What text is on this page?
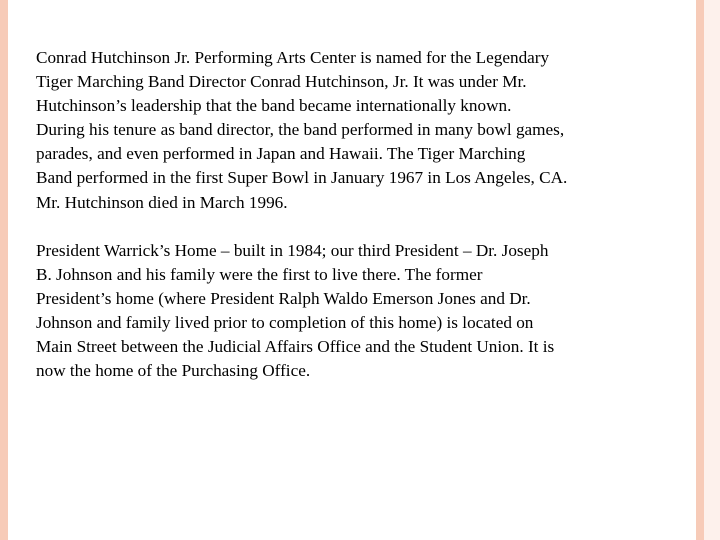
Conrad Hutchinson Jr. Performing Arts Center is named for the Legendary
Tiger Marching Band Director Conrad Hutchinson, Jr. It was under Mr.
Hutchinson’s leadership that the band became internationally known.
During his tenure as band director, the band performed in many bowl games,
parades, and even performed in Japan and Hawaii. The Tiger Marching
Band performed in the first Super Bowl in January 1967 in Los Angeles, CA.
Mr. Hutchinson died in March 1996.

President Warrick’s Home – built in 1984; our third President – Dr. Joseph
B. Johnson and his family were the first to live there. The former
President’s home (where President Ralph Waldo Emerson Jones and Dr.
Johnson and family lived prior to completion of this home) is located on
Main Street between the Judicial Affairs Office and the Student Union. It is
now the home of the Purchasing Office.
